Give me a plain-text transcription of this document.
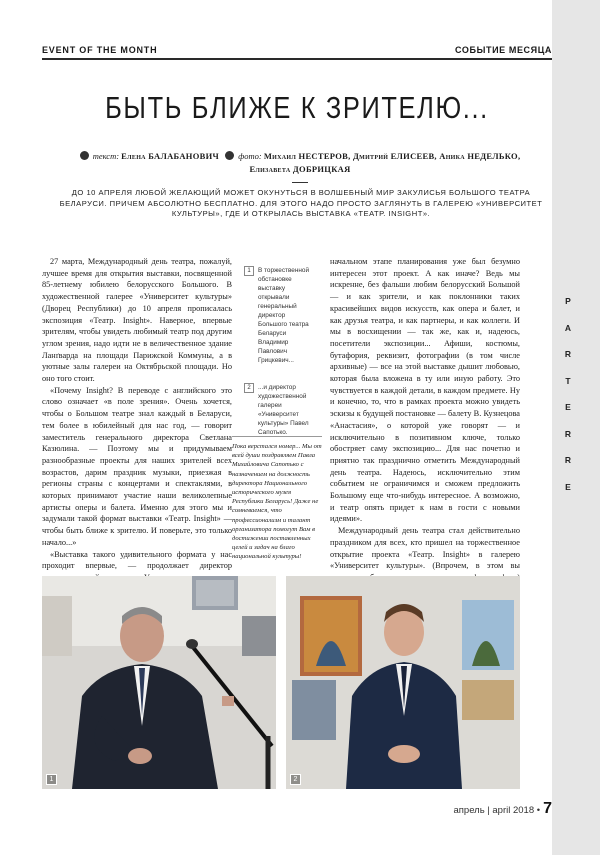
P
A
R
T
E
R
R
E
EVENT OF THE MONTH	СОБЫТИЕ МЕСЯЦА
БЫТЬ БЛИЖЕ К ЗРИТЕЛЮ...
текст: Елена БАЛАБАНОВИЧ фото: Михаил НЕСТЕРОВ, Дмитрий ЕЛИСЕЕВ, Аника НЕДЕЛЬКО, Елизавета ДОБРИЦКАЯ
ДО 10 АПРЕЛЯ ЛЮБОЙ ЖЕЛАЮЩИЙ МОЖЕТ ОКУНУТЬСЯ В ВОЛШЕБНЫЙ МИР ЗАКУЛИСЬЯ БОЛЬШОГО ТЕАТРА БЕЛАРУСИ. ПРИЧЕМ АБСОЛЮТНО БЕСПЛАТНО. ДЛЯ ЭТОГО НАДО ПРОСТО ЗАГЛЯНУТЬ В ГАЛЕРЕЮ «УНИВЕРСИТЕТ КУЛЬТУРЫ», ГДЕ И ОТКРЫЛАСЬ ВЫСТАВКА «ТЕАТР. INSIGHT».

27 марта, Международный день театра, пожалуй, лучшее время для открытия выставки, посвященной 85-летнему юбилею белорусского Большого. В художественной галерее «Университет культуры» (Дворец Республики) до 10 апреля прописалась экспозиция «Театр. Insight». Наверное, впервые зрителям, чтобы увидеть любимый театр под другим углом зрения, надо идти не в величественное здание Ланґварда на площади Парижской Коммуны, а в уютные залы галереи на Октябрьской площади. Но оно того стоит.

«Почему Insight? В переводе с английского это слово означает «в поле зрения». Очень хочется, чтобы о Большом театре знал каждый в Беларуси, тем более в юбилейный для нас год, — говорит заместитель генерального директора Светлана Казюлина. — Поэтому мы и придумываем разнообразные проекты для наших зрителей всех возрастов, дарим праздник музыки, приезжая в регионы страны с концертами и спектаклями, в которых принимают участие наши великолепные артисты оперы и балета. Именно для этого мы и задумали такой формат выставки «Театр. Insight» — чтобы быть ближе к зрителю. И поверьте, это только начало...»

«Выставка такого удивительного формата у нас проходит впервые, — продолжает директор

1	В торжественной обстановке выставку открывали генеральный директор Большого театра Беларуси Владимир Павлович Грицкевич...
2	...и директор художественной галереи «Университет культуры» Павел Сапотько.
Пока верстался номер... Мы от всей души поздравляем Павла Михайловича Сапотько с назначением на должность директора Национального исторического музея Республики Беларусь! Даже не сомневаемся, что профессионализм и талант организатора помогут Вам в достижении поставленных целей и задач на благо национальной культуры!

начальном этапе планирования уже был безумно интересен этот проект. А как иначе? Ведь мы искренне, без фальши любим белорусский Большой — и как зрители, и как поклонники таких красивейших видов искусств, как опера и балет, и как друзья театра, и как партнеры, и как коллеги. И мы в восхищении — так же, как и, надеюсь, посетители экспозиции... Афиши, костюмы, бутафория, реквизит, фотографии (в том числе архивные) — все на этой выставке дышит любовью, которая была вложена в ту или иную работу. Это чувствуется в каждой детали, в каждом предмете. Ну и конечно, то, что в рамках проекта можно увидеть эскизы к будущей постановке — балету В. Кузнецова «Анастасия», о которой уже говорят — и исключительно в позитивном ключе, только обостряет саму экспозицию... Для нас почетно и приятно так празднично отметить Международный день театра. Надеюсь, исключительно этим событием не ограничимся и сможем предложить Большому еще что-нибудь интересное. А возможно, и театр опять придет к нам в гости с новыми идеями».

Международный день театра стал действительно праздником для всех, кто пришел на торжественное открытие проекта «Театр. Insight» в галерею «Университет культуры». (Впрочем, в этом вы

1	2
апрель | april 2018 • 7
